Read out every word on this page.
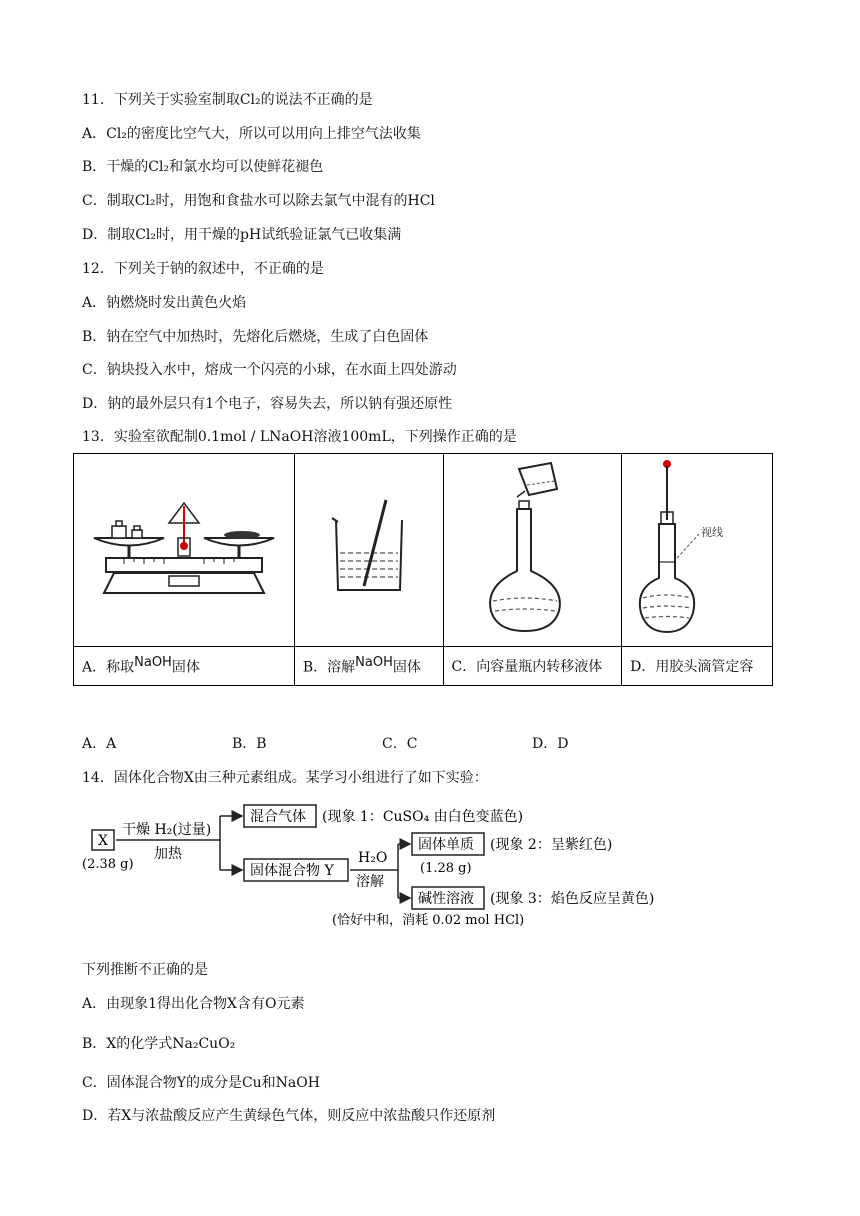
11．下列关于实验室制取Cl₂的说法不正确的是
A．Cl₂的密度比空气大，所以可以用向上排空气法收集
B．干燥的Cl₂和氯水均可以使鲜花褪色
C．制取Cl₂时，用饱和食盐水可以除去氯气中混有的HCl
D．制取Cl₂时，用干燥的pH试纸验证氯气已收集满
12．下列关于钠的叙述中，不正确的是
A．钠燃烧时发出黄色火焰
B．钠在空气中加热时，先熔化后燃烧，生成了白色固体
C．钠块投入水中，熔成一个闪亮的小球，在水面上四处游动
D．钠的最外层只有1个电子，容易失去，所以钠有强还原性
13．实验室欲配制0.1mol / LNaOH溶液100mL，下列操作正确的是

视线

A．称取$^{NaOH}$固体	B．溶解$^{NaOH}$固体	C．向容量瓶内转移液体	D．用胶头滴管定容
A．A	B．B	C．C	D．D
14．固体化合物X由三种元素组成。某学习小组进行了如下实验：
X
(2.38 g)
干燥 H₂(过量)
加热
混合气体 (现象 1：CuSO₄ 由白色变蓝色)
固体混合物 Y
H₂O
溶解
固体单质 (现象 2：呈紫红色)
(1.28 g)
碱性溶液 (现象 3：焰色反应呈黄色)
(恰好中和，消耗 0.02 mol HCl)
下列推断不正确的是
A．由现象1得出化合物X含有O元素
B．X的化学式Na₂CuO₂
C．固体混合物Y的成分是Cu和NaOH
D．若X与浓盐酸反应产生黄绿色气体，则反应中浓盐酸只作还原剂
